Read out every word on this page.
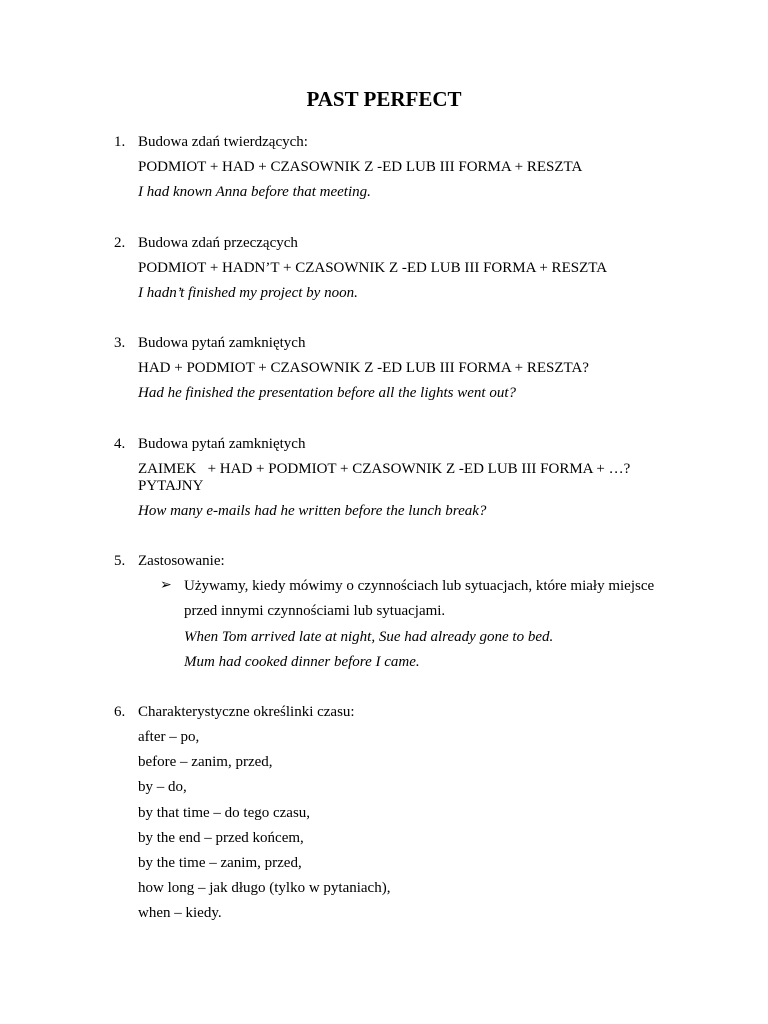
PAST PERFECT
1. Budowa zdań twierdzących:
PODMIOT + HAD + CZASOWNIK Z -ED LUB III FORMA + RESZTA
I had known Anna before that meeting.
2. Budowa zdań przeczących
PODMIOT + HADN’T + CZASOWNIK Z -ED LUB III FORMA + RESZTA
I hadn’t finished my project by noon.
3. Budowa pytań zamkniętych
HAD + PODMIOT + CZASOWNIK Z -ED LUB III FORMA + RESZTA?
Had he finished the presentation before all the lights went out?
4. Budowa pytań zamkniętych
ZAIMEK   + HAD + PODMIOT + CZASOWNIK Z -ED LUB III FORMA + …?
PYTAJNY
How many e-mails had he written before the lunch break?
5. Zastosowanie:
➢ Używamy, kiedy mówimy o czynnościach lub sytuacjach, które miały miejsce
przed innymi czynnościami lub sytuacjami.
When Tom arrived late at night, Sue had already gone to bed.
Mum had cooked dinner before I came.
6. Charakterystyczne określinki czasu:
after – po,
before – zanim, przed,
by – do,
by that time – do tego czasu,
by the end – przed końcem,
by the time – zanim, przed,
how long – jak długo (tylko w pytaniach),
when – kiedy.
